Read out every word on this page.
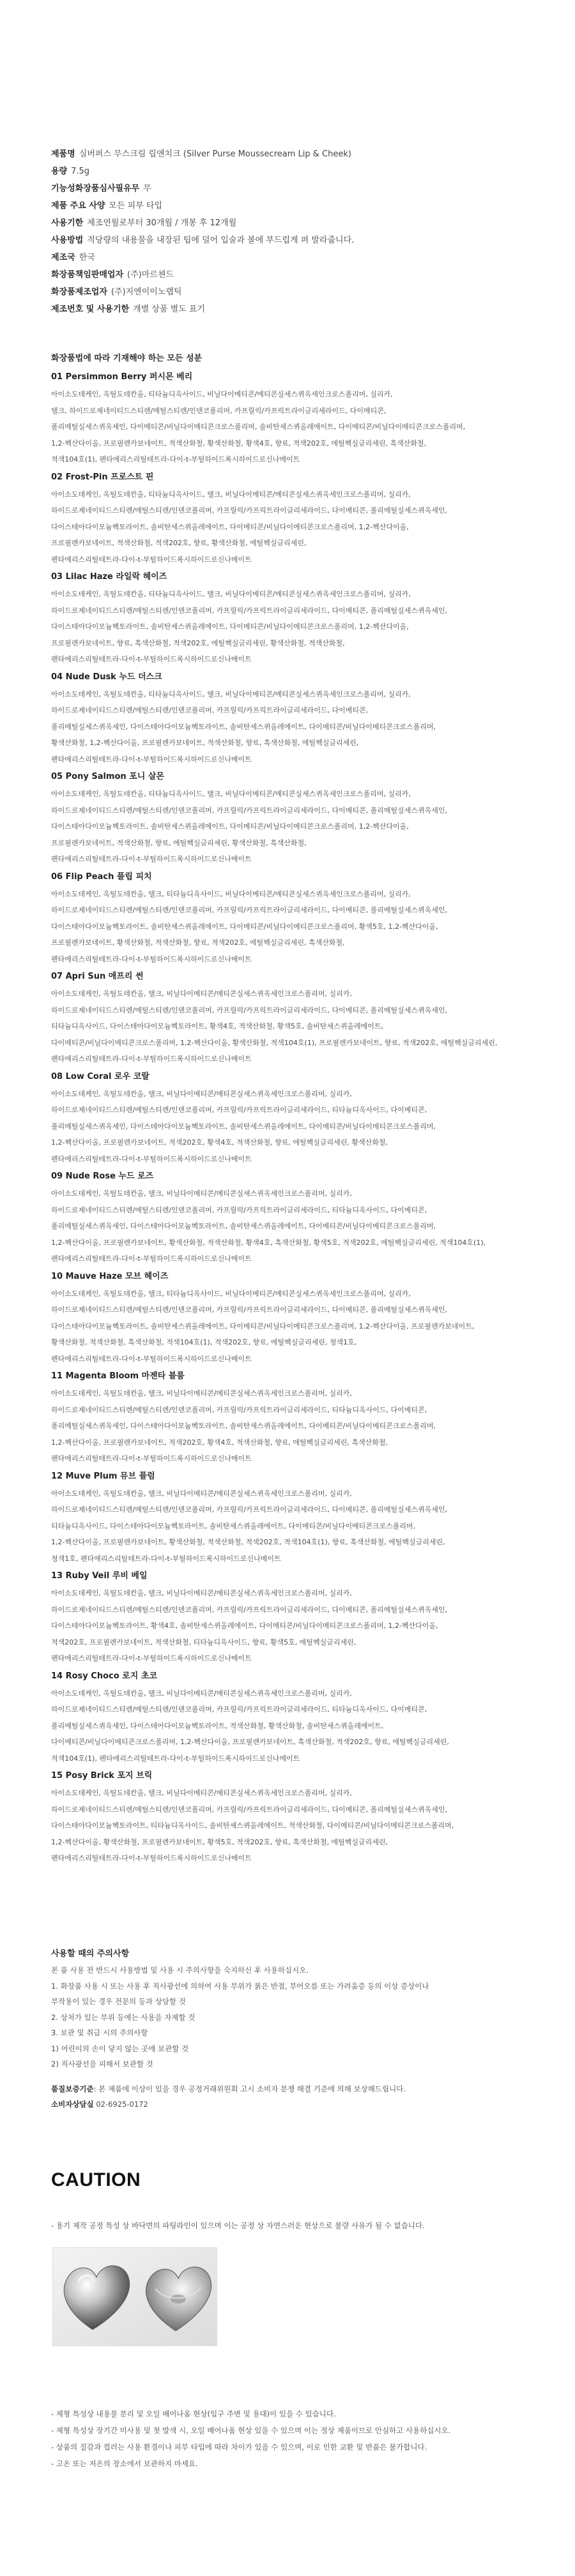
제품명 실버퍼스 무스크림 립앤치크 (Silver Purse Moussecream Lip & Cheek)
용량 7.5g
기능성화장품심사필유무 무
제품 주요 사양 모든 피부 타입
사용기한 제조연월로부터 30개월 / 개봉 후 12개월
사용방법 적당량의 내용물을 내장된 팁에 덜어 입술과 볼에 부드럽게 펴 발라줍니다.
제조국 한국
화장품책임판매업자 (주)마르첸드
화장품제조업자 (주)지엔이이노랩틱
제조번호 및 사용기한 개별 상품 별도 표기
화장품법에 따라 기재해야 하는 모든 성분
01 Persimmon Berry 퍼시몬 베리
아이소도데케인, 옥틸도데칸올, 티타늄디옥사이드, 비닐다이메티콘/메티콘실세스퀴옥세인크로스폴리머, 실리카,
탤크, 하이드로제네이티드스티렌/메틸스티렌/인덴코폴리머, 카프릴릭/카프릭트라이글리세라이드, 다이메티콘,
폴리메틸실세스퀴옥세인, 다이메티콘/비닐다이메티콘크로스폴리머, 솔비탄세스퀴올레에이트, 다이메티콘/비닐다이메티콘크로스폴리머,
1,2-헥산다이올, 프로필렌카보네이트, 적색산화철, 황색산화철, 황색4호, 향료, 적색202호, 에틸헥실글리세린, 흑색산화철,
적색104호(1), 펜타에리스리틸테트라-다이-t-부틸하이드록시하이드로신나메이트
02 Frost-Pin 프로스트 핀
아이소도데케인, 옥틸도데칸올, 티타늄디옥사이드, 탤크, 비닐다이메티콘/메티콘실세스퀴옥세인크로스폴리머, 실리카,
하이드로제네이티드스티렌/메틸스티렌/인덴코폴리머, 카프릴릭/카프릭트라이글리세라이드, 다이메티콘, 폴리메틸실세스퀴옥세인,
다이스테아다이모늄헥토라이트, 솔비탄세스퀴올레에이트, 다이메티콘/비닐다이메티콘크로스폴리머, 1,2-헥산다이올,
프로필렌카보네이트, 적색산화철, 적색202호, 향료, 황색산화철, 에틸헥실글리세린,
펜타에리스리틸테트라-다이-t-부틸하이드록시하이드로신나메이트
03 Lilac Haze 라일락 헤이즈
아이소도데케인, 옥틸도데칸올, 티타늄디옥사이드, 탤크, 비닐다이메티콘/메티콘실세스퀴옥세인크로스폴리머, 실리카,
하이드로제네이티드스티렌/메틸스티렌/인덴코폴리머, 카프릴릭/카프릭트라이글리세라이드, 다이메티콘, 폴리메틸실세스퀴옥세인,
다이스테아다이모늄헥토라이트, 솔비탄세스퀴올레에이트, 다이메티콘/비닐다이메티콘크로스폴리머, 1,2-헥산다이올,
프로필렌카보네이트, 향료, 흑색산화철, 적색202호, 에틸헥실글리세린, 황색산화철, 적색산화철,
펜타에리스리틸테트라-다이-t-부틸하이드록시하이드로신나메이트
04 Nude Dusk 누드 더스크
아이소도데케인, 옥틸도데칸올, 티타늄디옥사이드, 탤크, 비닐다이메티콘/메티콘실세스퀴옥세인크로스폴리머, 실리카,
하이드로제네이티드스티렌/메틸스티렌/인덴코폴리머, 카프릴릭/카프릭트라이글리세라이드, 다이메티콘,
폴리메틸실세스퀴옥세인, 다이스테아다이모늄헥토라이트, 솔비탄세스퀴올레에이트, 다이메티콘/비닐다이메티콘크로스폴리머,
황색산화철, 1,2-헥산다이올, 프로필렌카보네이트, 적색산화철, 향료, 흑색산화철, 에틸헥실글리세린,
펜타에리스리틸테트라-다이-t-부틸하이드록시하이드로신나메이트
05 Pony Salmon 포니 살몬
아이소도데케인, 옥틸도데칸올, 티타늄디옥사이드, 탤크, 비닐다이메티콘/메티콘실세스퀴옥세인크로스폴리머, 실리카,
하이드로제네이티드스티렌/메틸스티렌/인덴코폴리머, 카프릴릭/카프릭트라이글리세라이드, 다이메티콘, 폴리메틸실세스퀴옥세인,
다이스테아다이모늄헥토라이트, 솔비탄세스퀴올레에이트, 다이메티콘/비닐다이메티콘크로스폴리머, 1,2-헥산다이올,
프로필렌카보네이트, 적색산화철, 향료, 에틸헥실글리세린, 황색산화철, 흑색산화철,
펜타에리스리틸테트라-다이-t-부틸하이드록시하이드로신나메이트
06 Flip Peach 플립 피치
아이소도데케인, 옥틸도데칸올, 탤크, 티타늄디옥사이드, 비닐다이메티콘/메티콘실세스퀴옥세인크로스폴리머, 실리카,
하이드로제네이티드스티렌/메틸스티렌/인덴코폴리머, 카프릴릭/카프릭트라이글리세라이드, 다이메티콘, 폴리메틸실세스퀴옥세인,
다이스테아다이모늄헥토라이트, 솔비탄세스퀴올레에이트, 다이메티콘/비닐다이메티콘크로스폴리머, 황색5호, 1,2-헥산다이올,
프로필렌카보네이트, 황색산화철, 적색산화철, 향료, 적색202호, 에틸헥실글리세린, 흑색산화철,
펜타에리스리틸테트라-다이-t-부틸하이드록시하이드로신나메이트
07 Apri Sun 애프리 썬
아이소도데케인, 옥틸도데칸올, 탤크, 비닐다이메티콘/메티콘실세스퀴옥세인크로스폴리머, 실리카,
하이드로제네이티드스티렌/메틸스티렌/인덴코폴리머, 카프릴릭/카프릭트라이글리세라이드, 다이메티콘, 폴리메틸실세스퀴옥세인,
티타늄디옥사이드, 다이스테아다이모늄헥토라이트, 황색4호, 적색산화철, 황색5호, 솔비탄세스퀴올레에이트,
다이메티콘/비닐다이메티콘크로스폴리머, 1,2-헥산다이올, 황색산화철, 적색104호(1), 프로필렌카보네이트, 향료, 적색202호, 에틸헥실글리세린,
펜타에리스리틸테트라-다이-t-부틸하이드록시하이드로신나메이트
08 Low Coral 로우 코랄
아이소도데케인, 옥틸도데칸올, 탤크, 비닐다이메티콘/메티콘실세스퀴옥세인크로스폴리머, 실리카,
하이드로제네이티드스티렌/메틸스티렌/인덴코폴리머, 카프릴릭/카프릭트라이글리세라이드, 티타늄디옥사이드, 다이메티콘,
폴리메틸실세스퀴옥세인, 다이스테아다이모늄헥토라이트, 솔비탄세스퀴올레에이트, 다이메티콘/비닐다이메티콘크로스폴리머,
1,2-헥산다이올, 프로필렌카보네이트, 적색202호, 황색4호, 적색산화철, 향료, 에틸헥실글리세린, 황색산화철,
펜타에리스리틸테트라-다이-t-부틸하이드록시하이드로신나메이트
09 Nude Rose 누드 로즈
아이소도데케인, 옥틸도데칸올, 탤크, 비닐다이메티콘/메티콘실세스퀴옥세인크로스폴리머, 실리카,
하이드로제네이티드스티렌/메틸스티렌/인덴코폴리머, 카프릴릭/카프릭트라이글리세라이드, 티타늄디옥사이드, 다이메티콘,
폴리메틸실세스퀴옥세인, 다이스테아다이모늄헥토라이트, 솔비탄세스퀴올레에이트, 다이메티콘/비닐다이메티콘크로스폴리머,
1,2-헥산다이올, 프로필렌카보네이트, 황색산화철, 적색산화철, 황색4호, 흑색산화철, 황색5호, 적색202호, 에틸헥실글리세린, 적색104호(1),
펜타에리스리틸테트라-다이-t-부틸하이드록시하이드로신나메이트
10 Mauve Haze 모브 헤이즈
아이소도데케인, 옥틸도데칸올, 탤크, 티타늄디옥사이드, 비닐다이메티콘/메티콘실세스퀴옥세인크로스폴리머, 실리카,
하이드로제네이티드스티렌/메틸스티렌/인덴코폴리머, 카프릴릭/카프릭트라이글리세라이드, 다이메티콘, 폴리메틸실세스퀴옥세인,
다이스테아다이모늄헥토라이트, 솔비탄세스퀴올레에이트, 다이메티콘/비닐다이메티콘크로스폴리머, 1,2-헥산다이올, 프로필렌카보네이트,
황색산화철, 적색산화철, 흑색산화철, 적색104호(1), 적색202호, 향료, 에틸헥실글리세린, 청색1호,
펜타에리스리틸테트라-다이-t-부틸하이드록시하이드로신나메이트
11 Magenta Bloom 마젠타 블룸
아이소도데케인, 옥틸도데칸올, 탤크, 비닐다이메티콘/메티콘실세스퀴옥세인크로스폴리머, 실리카,
하이드로제네이티드스티렌/메틸스티렌/인덴코폴리머, 카프릴릭/카프릭트라이글리세라이드, 티타늄디옥사이드, 다이메티콘,
폴리메틸실세스퀴옥세인, 다이스테아다이모늄헥토라이트, 솔비탄세스퀴올레에이트, 다이메티콘/비닐다이메티콘크로스폴리머,
1,2-헥산다이올, 프로필렌카보네이트, 적색202호, 황색4호, 적색산화철, 향료, 에틸헥실글리세린, 흑색산화철,
펜타에리스리틸테트라-다이-t-부틸하이드록시하이드로신나메이트
12 Muve Plum 뮤브 플럼
아이소도데케인, 옥틸도데칸올, 탤크, 비닐다이메티콘/메티콘실세스퀴옥세인크로스폴리머, 실리카,
하이드로제네이티드스티렌/메틸스티렌/인덴코폴리머, 카프릴릭/카프릭트라이글리세라이드, 다이메티콘, 폴리메틸실세스퀴옥세인,
티타늄디옥사이드, 다이스테아다이모늄헥토라이트, 솔비탄세스퀴올레에이트, 다이메티콘/비닐다이메티콘크로스폴리머,
1,2-헥산다이올, 프로필렌카보네이트, 황색산화철, 적색산화철, 적색202호, 적색104호(1), 향료, 흑색산화철, 에틸헥실글리세린,
청색1호, 펜타에리스리틸테트라-다이-t-부틸하이드록시하이드로신나메이트
13 Ruby Veil 루비 베일
아이소도데케인, 옥틸도데칸올, 탤크, 비닐다이메티콘/메티콘실세스퀴옥세인크로스폴리머, 실리카,
하이드로제네이티드스티렌/메틸스티렌/인덴코폴리머, 카프릴릭/카프릭트라이글리세라이드, 다이메티콘, 폴리메틸실세스퀴옥세인,
다이스테아다이모늄헥토라이트, 황색4호, 솔비탄세스퀴올레에이트, 다이메티콘/비닐다이메티콘크로스폴리머, 1,2-헥산다이올,
적색202호, 프로필렌카보네이트, 적색산화철, 티타늄디옥사이드, 향료, 황색5호, 에틸헥실글리세린,
펜타에리스리틸테트라-다이-t-부틸하이드록시하이드로신나메이트
14 Rosy Choco 로지 초코
아이소도데케인, 옥틸도데칸올, 탤크, 비닐다이메티콘/메티콘실세스퀴옥세인크로스폴리머, 실리카,
하이드로제네이티드스티렌/메틸스티렌/인덴코폴리머, 카프릴릭/카프릭트라이글리세라이드, 티타늄디옥사이드, 다이메티콘,
폴리메틸실세스퀴옥세인, 다이스테아다이모늄헥토라이트, 적색산화철, 황색산화철, 솔비탄세스퀴올레에이트,
다이메티콘/비닐다이메티콘크로스폴리머, 1,2-헥산다이올, 프로필렌카보네이트, 흑색산화철, 적색202호, 향료, 에틸헥실글리세린,
적색104호(1), 펜타에리스리틸테트라-다이-t-부틸하이드록시하이드로신나메이트
15 Posy Brick 포지 브릭
아이소도데케인, 옥틸도데칸올, 탤크, 비닐다이메티콘/메티콘실세스퀴옥세인크로스폴리머, 실리카,
하이드로제네이티드스티렌/메틸스티렌/인덴코폴리머, 카프릴릭/카프릭트라이글리세라이드, 다이메티콘, 폴리메틸실세스퀴옥세인,
다이스테아다이모늄헥토라이트, 티타늄디옥사이드, 솔비탄세스퀴올레에이트, 적색산화철, 다이메티콘/비닐다이메티콘크로스폴리머,
1,2-헥산다이올, 황색산화철, 프로필렌카보네이트, 황색5호, 적색202호, 향료, 흑색산화철, 에틸헥실글리세린,
펜타에리스리틸테트라-다이-t-부틸하이드록시하이드로신나메이트
사용할 때의 주의사항
본 품 사용 전 반드시 사용방법 및 사용 시 주의사항을 숙지하신 후 사용하십시오.
1. 화장품 사용 시 또는 사용 후 직사광선에 의하여 사용 부위가 붉은 반점, 부어오름 또는 가려움증 등의 이상 증상이나
부작용이 있는 경우 전문의 등과 상담할 것
2. 상처가 있는 부위 등에는 사용을 자제할 것
3. 보관 및 취급 시의 주의사항
1) 어린이의 손이 닿지 않는 곳에 보관할 것
2) 직사광선을 피해서 보관할 것
품질보증기준: 본 제품에 이상이 있을 경우 공정거래위원회 고시 소비자 분쟁 해결 기준에 의해 보상해드립니다.
소비자상담실 02-6925-0172
CAUTION
- 용기 제작 공정 특성 상 바닥면의 파팅라인이 있으며 이는 공정 상 자연스러운 현상으로 불량 사유가 될 수 없습니다.
- 제형 특성상 내용물 분리 및 오일 배어나옴 현상(입구 주변 및 용대)이 있을 수 있습니다.
- 제형 특성상 장기간 미사용 및 첫 발색 시, 오일 배어나옴 현상 있을 수 있으며 이는 정상 제품이므로 안심하고 사용하십시오.
- 상품의 질감과 컬러는 사용 환경이나 피부 타입에 따라 차이가 있을 수 있으며, 이로 인한 교환 및 반품은 불가합니다.
- 고온 또는 저온의 장소에서 보관하지 마세요.
